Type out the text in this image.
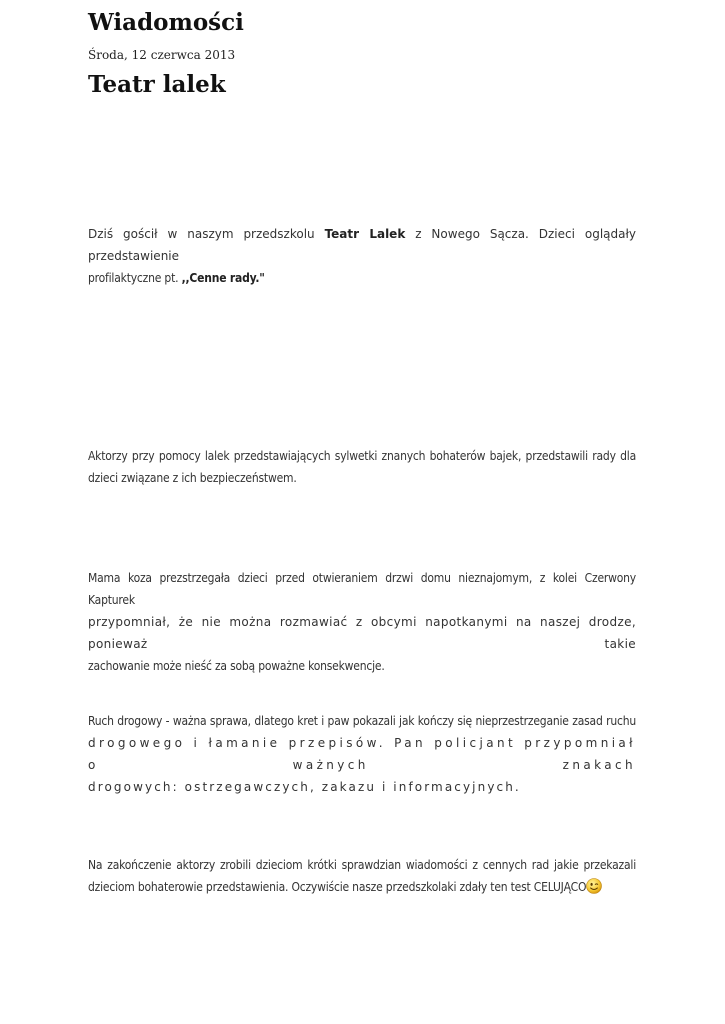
Wiadomości
Środa, 12 czerwca 2013
Teatr lalek

Dziś gościł w naszym przedszkolu Teatr Lalek z Nowego Sącza. Dzieci oglądały przedstawienie
profilaktyczne pt. ,,Cenne rady."

Aktorzy przy pomocy lalek przedstawiających sylwetki znanych bohaterów bajek, przedstawili rady dla
dzieci związane z ich bezpieczeństwem.

Mama koza prezstrzegała dzieci przed otwieraniem drzwi domu nieznajomym, z kolei Czerwony Kapturek
przypomniał, że nie można rozmawiać z obcymi napotkanymi na naszej drodze, ponieważ takie
zachowanie może nieść za sobą poważne konsekwencje.

Ruch drogowy - ważna sprawa, dlatego kret i paw pokazali jak kończy się nieprzestrzeganie zasad ruchu
drogowego i łamanie przepisów. Pan policjant przypomniał o ważnych znakach
drogowych: ostrzegawczych, zakazu i informacyjnych.

Na zakończenie aktorzy zrobili dzieciom krótki sprawdzian wiadomości z cennych rad jakie przekazali
dzieciom bohaterowie przedstawienia. Oczywiście nasze przedszkolaki zdały ten test CELUJĄCO
